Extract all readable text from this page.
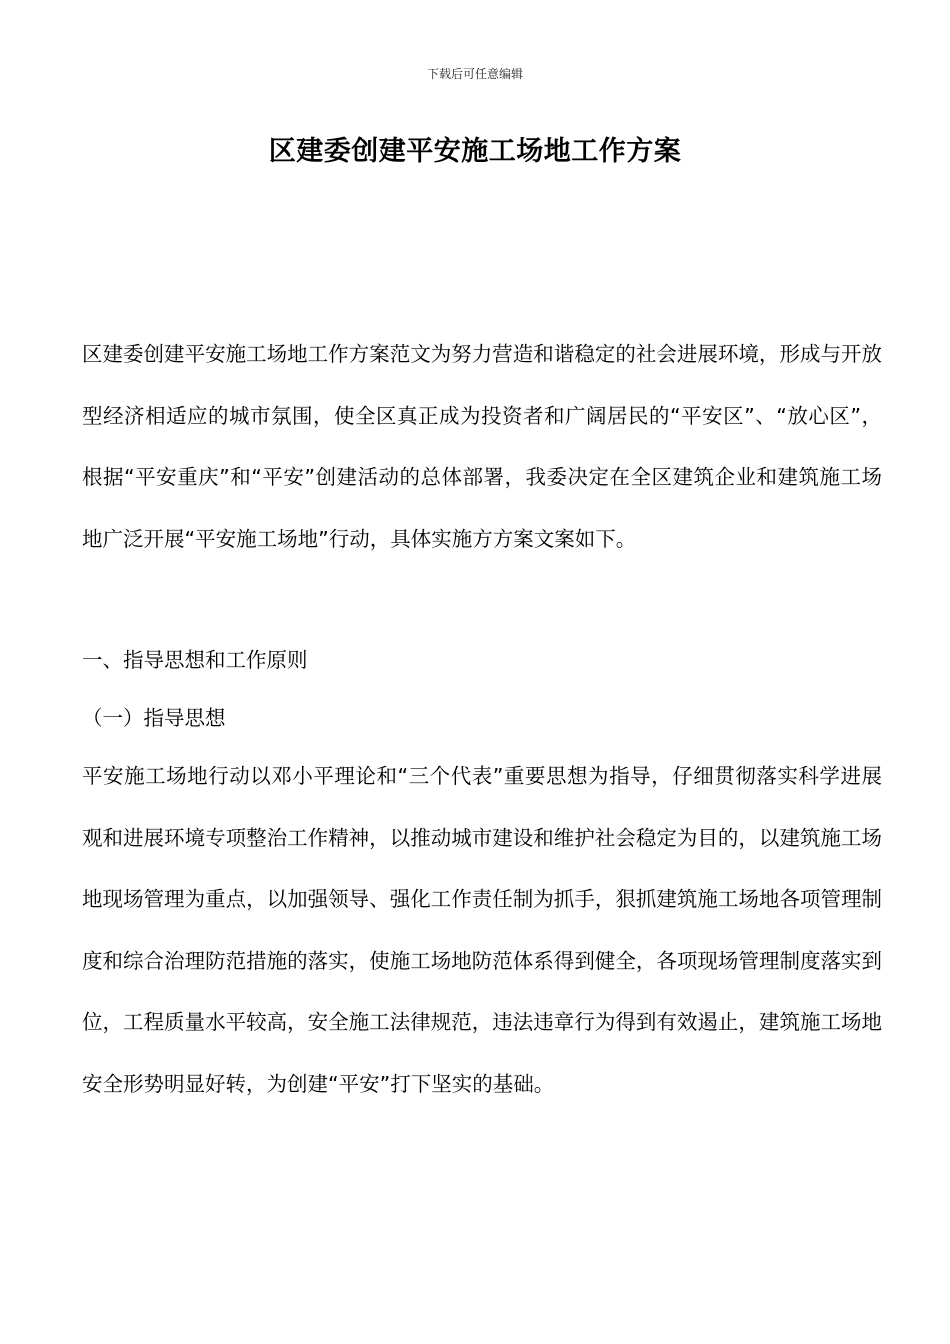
下载后可任意编辑
区建委创建平安施工场地工作方案

区建委创建平安施工场地工作方案范文为努力营造和谐稳定的社会进展环境，形成与开放型经济相适应的城市氛围，使全区真正成为投资者和广阔居民的“平安区”、“放心区”，根据“平安重庆”和“平安”创建活动的总体部署，我委决定在全区建筑企业和建筑施工场地广泛开展“平安施工场地”行动，具体实施方方案文案如下。

一、指导思想和工作原则

（一）指导思想

平安施工场地行动以邓小平理论和“三个代表”重要思想为指导，仔细贯彻落实科学进展观和进展环境专项整治工作精神，以推动城市建设和维护社会稳定为目的，以建筑施工场地现场管理为重点，以加强领导、强化工作责任制为抓手，狠抓建筑施工场地各项管理制度和综合治理防范措施的落实，使施工场地防范体系得到健全，各项现场管理制度落实到位，工程质量水平较高，安全施工法律规范，违法违章行为得到有效遏止，建筑施工场地安全形势明显好转，为创建“平安”打下坚实的基础。
